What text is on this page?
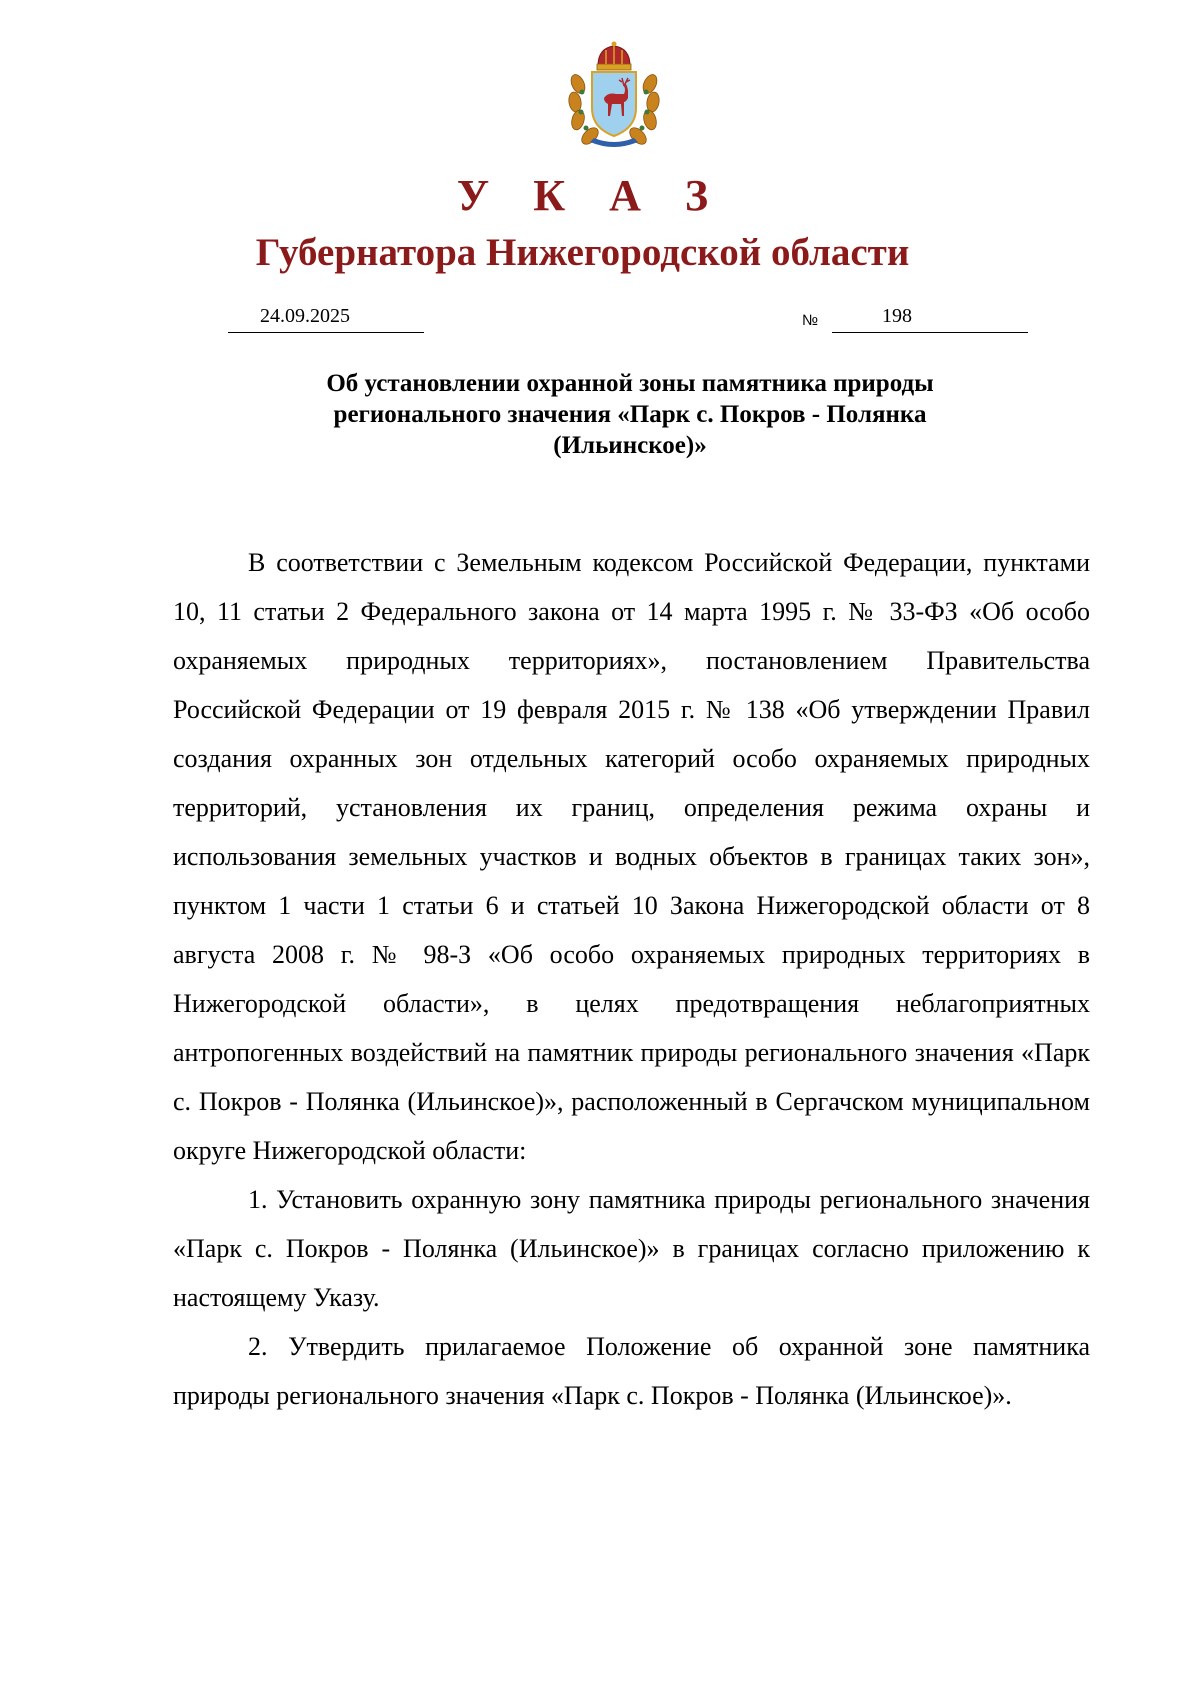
У К А З
Губернатора Нижегородской области
24.09.2025	№	198
Об установлении охранной зоны памятника природы
регионального значения «Парк с. Покров - Полянка
(Ильинское)»

В соответствии с Земельным кодексом Российской Федерации, пунктами 10, 11 статьи 2 Федерального закона от 14 марта 1995 г. № 33-ФЗ «Об особо охраняемых природных территориях», постановлением Правительства Российской Федерации от 19 февраля 2015 г. № 138 «Об утверждении Правил создания охранных зон отдельных категорий особо охраняемых природных территорий, установления их границ, определения режима охраны и использования земельных участков и водных объектов в границах таких зон», пунктом 1 части 1 статьи 6 и статьей 10 Закона Нижегородской области от 8 августа 2008 г. № 98-З «Об особо охраняемых природных территориях в Нижегородской области», в целях предотвращения неблагоприятных антропогенных воздействий на памятник природы регионального значения «Парк с. Покров - Полянка (Ильинское)», расположенный в Сергачском муниципальном округе Нижегородской области:

1. Установить охранную зону памятника природы регионального значения «Парк с. Покров - Полянка (Ильинское)» в границах согласно приложению к настоящему Указу.

2. Утвердить прилагаемое Положение об охранной зоне памятника природы регионального значения «Парк с. Покров - Полянка (Ильинское)».
